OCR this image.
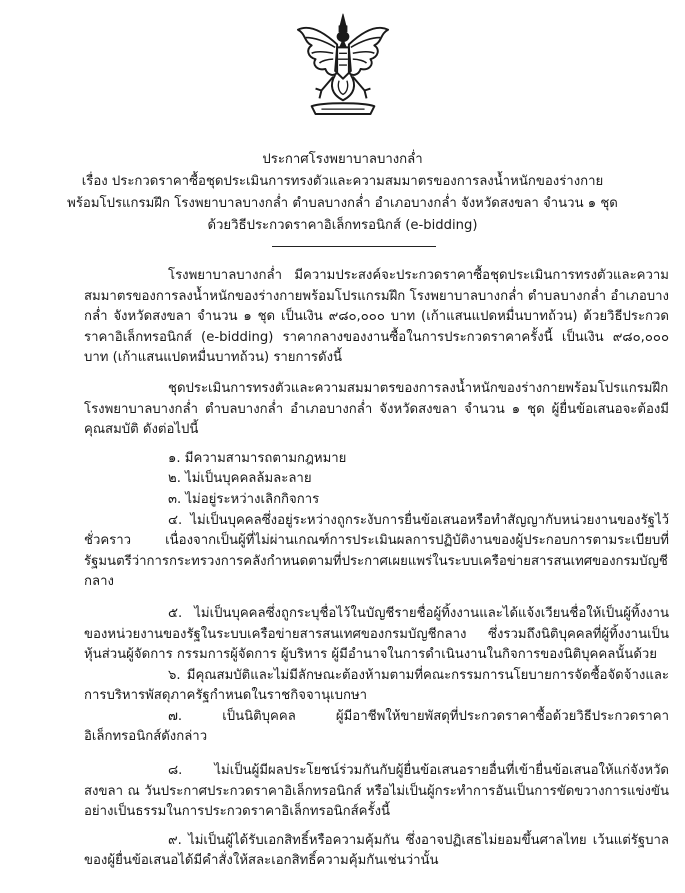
ประกาศโรงพยาบาลบางกล่ำ
เรื่อง ประกวดราคาซื้อชุดประเมินการทรงตัวและความสมมาตรของการลงน้ำหนักของร่างกาย
พร้อมโปรแกรมฝึก โรงพยาบาลบางกล่ำ ตำบลบางกล่ำ อำเภอบางกล่ำ จังหวัดสงขลา จำนวน ๑ ชุด
ด้วยวิธีประกวดราคาอิเล็กทรอนิกส์ (e-bidding)

โรงพยาบาลบางกล่ำ มีความประสงค์จะประกวดราคาซื้อชุดประเมินการทรงตัวและความสมมาตรของการลงน้ำหนักของร่างกายพร้อมโปรแกรมฝึก โรงพยาบาลบางกล่ำ ตำบลบางกล่ำ อำเภอบางกล่ำ จังหวัดสงขลา จำนวน ๑ ชุด เป็นเงิน ๙๘๐,๐๐๐ บาท (เก้าแสนแปดหมื่นบาทถ้วน) ด้วยวิธีประกวดราคาอิเล็กทรอนิกส์ (e-bidding) ราคากลางของงานซื้อในการประกวดราคาครั้งนี้ เป็นเงิน ๙๘๐,๐๐๐ บาท (เก้าแสนแปดหมื่นบาทถ้วน) รายการดังนี้

ชุดประเมินการทรงตัวและความสมมาตรของการลงน้ำหนักของร่างกายพร้อมโปรแกรมฝึก โรงพยาบาลบางกล่ำ ตำบลบางกล่ำ อำเภอบางกล่ำ จังหวัดสงขลา จำนวน ๑ ชุด ผู้ยื่นข้อเสนอจะต้องมีคุณสมบัติ ดังต่อไปนี้

๑. มีความสามารถตามกฎหมาย

๒. ไม่เป็นบุคคลล้มละลาย

๓. ไม่อยู่ระหว่างเลิกกิจการ

๔. ไม่เป็นบุคคลซึ่งอยู่ระหว่างถูกระงับการยื่นข้อเสนอหรือทำสัญญากับหน่วยงานของรัฐไว้ชั่วคราว เนื่องจากเป็นผู้ที่ไม่ผ่านเกณฑ์การประเมินผลการปฏิบัติงานของผู้ประกอบการตามระเบียบที่รัฐมนตรีว่าการกระทรวงการคลังกำหนดตามที่ประกาศเผยแพร่ในระบบเครือข่ายสารสนเทศของกรมบัญชีกลาง

๕. ไม่เป็นบุคคลซึ่งถูกระบุชื่อไว้ในบัญชีรายชื่อผู้ทิ้งงานและได้แจ้งเวียนชื่อให้เป็นผู้ทิ้งงานของหน่วยงานของรัฐในระบบเครือข่ายสารสนเทศของกรมบัญชีกลาง ซึ่งรวมถึงนิติบุคคลที่ผู้ทิ้งงานเป็นหุ้นส่วนผู้จัดการ กรรมการผู้จัดการ ผู้บริหาร ผู้มีอำนาจในการดำเนินงานในกิจการของนิติบุคคลนั้นด้วย

๖. มีคุณสมบัติและไม่มีลักษณะต้องห้ามตามที่คณะกรรมการนโยบายการจัดซื้อจัดจ้างและการบริหารพัสดุภาครัฐกำหนดในราชกิจจานุเบกษา

๗. เป็นนิติบุคคล ผู้มีอาชีพให้ขายพัสดุที่ประกวดราคาซื้อด้วยวิธีประกวดราคาอิเล็กทรอนิกส์ดังกล่าว

๘. ไม่เป็นผู้มีผลประโยชน์ร่วมกันกับผู้ยื่นข้อเสนอรายอื่นที่เข้ายื่นข้อเสนอให้แก่จังหวัดสงขลา ณ วันประกาศประกวดราคาอิเล็กทรอนิกส์ หรือไม่เป็นผู้กระทำการอันเป็นการขัดขวางการแข่งขันอย่างเป็นธรรมในการประกวดราคาอิเล็กทรอนิกส์ครั้งนี้

๙. ไม่เป็นผู้ได้รับเอกสิทธิ์หรือความคุ้มกัน ซึ่งอาจปฏิเสธไม่ยอมขึ้นศาลไทย เว้นแต่รัฐบาลของผู้ยื่นข้อเสนอได้มีคำสั่งให้สละเอกสิทธิ์ความคุ้มกันเช่นว่านั้น
